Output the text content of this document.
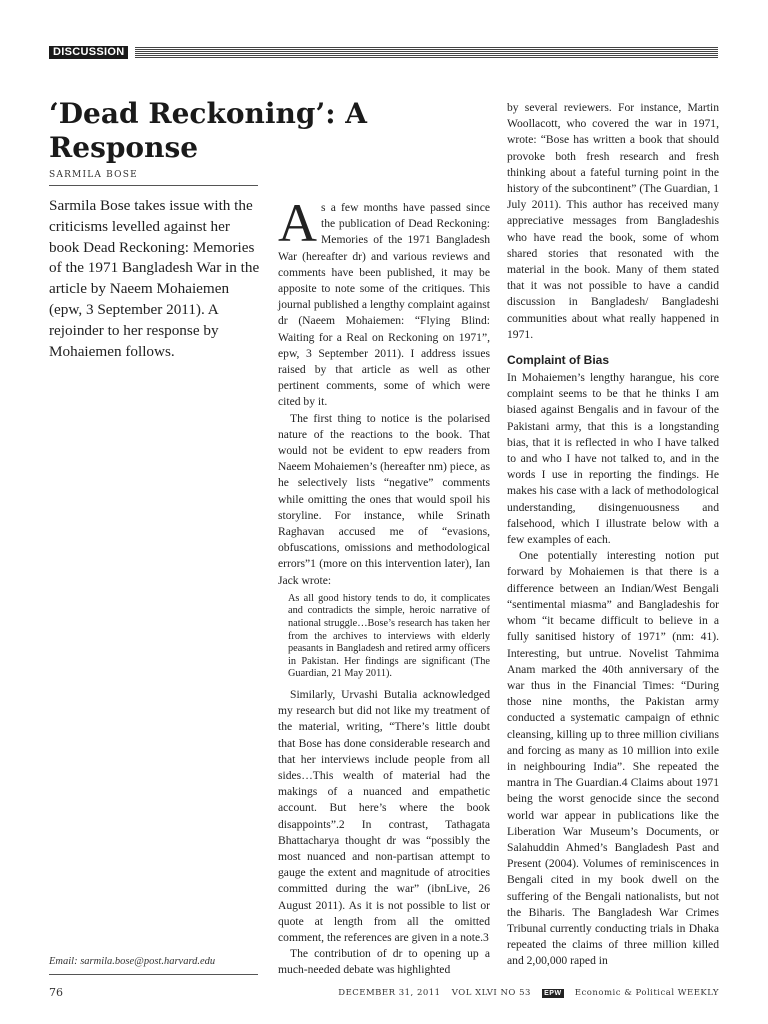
DISCUSSION
‘Dead Reckoning’: A Response
SARMILA BOSE
Sarmila Bose takes issue with the criticisms levelled against her book Dead Reckoning: Memories of the 1971 Bangladesh War in the article by Naeem Mohaiemen (epw, 3 September 2011). A rejoinder to her response by Mohaiemen follows.

As a few months have passed since the publication of Dead Reckoning: Memories of the 1971 Bangladesh War (hereafter dr) and various reviews and comments have been published, it may be apposite to note some of the critiques. This journal published a lengthy complaint against dr (Naeem Mohaiemen: “Flying Blind: Waiting for a Real on Reckoning on 1971”, epw, 3 September 2011). I address issues raised by that article as well as other pertinent comments, some of which were cited by it.

The first thing to notice is the polarised nature of the reactions to the book. That would not be evident to epw readers from Naeem Mohaiemen’s (hereafter nm) piece, as he selectively lists “negative” comments while omitting the ones that would spoil his storyline. For instance, while Srinath Raghavan accused me of “evasions, obfuscations, omissions and methodological errors”1 (more on this intervention later), Ian Jack wrote:

As all good history tends to do, it complicates and contradicts the simple, heroic narrative of national struggle…Bose’s research has taken her from the archives to interviews with elderly peasants in Bangladesh and retired army officers in Pakistan. Her findings are significant (The Guardian, 21 May 2011).

Similarly, Urvashi Butalia acknowledged my research but did not like my treatment of the material, writing, “There’s little doubt that Bose has done considerable research and that her interviews include people from all sides…This wealth of material had the makings of a nuanced and empathetic account. But here’s where the book disappoints”.2 In contrast, Tathagata Bhattacharya thought dr was “possibly the most nuanced and non-partisan attempt to gauge the extent and magnitude of atrocities committed during the war” (ibnLive, 26 August 2011). As it is not possible to list or quote at length from all the omitted comment, the references are given in a note.3

The contribution of dr to opening up a much-needed debate was highlighted

by several reviewers. For instance, Martin Woollacott, who covered the war in 1971, wrote: “Bose has written a book that should provoke both fresh research and fresh thinking about a fateful turning point in the history of the subcontinent” (The Guardian, 1 July 2011). This author has received many appreciative messages from Bangladeshis who have read the book, some of whom shared stories that resonated with the material in the book. Many of them stated that it was not possible to have a candid discussion in Bangladesh/ Bangladeshi communities about what really happened in 1971.

Complaint of Bias

In Mohaiemen’s lengthy harangue, his core complaint seems to be that he thinks I am biased against Bengalis and in favour of the Pakistani army, that this is a longstanding bias, that it is reflected in who I have talked to and who I have not talked to, and in the words I use in reporting the findings. He makes his case with a lack of methodological understanding, disingenuousness and falsehood, which I illustrate below with a few examples of each.

One potentially interesting notion put forward by Mohaiemen is that there is a difference between an Indian/West Bengali “sentimental miasma” and Bangladeshis for whom “it became difficult to believe in a fully sanitised history of 1971” (nm: 41). Interesting, but untrue. Novelist Tahmima Anam marked the 40th anniversary of the war thus in the Financial Times: “During those nine months, the Pakistan army conducted a systematic campaign of ethnic cleansing, killing up to three million civilians and forcing as many as 10 million into exile in neighbouring India”. She repeated the mantra in The Guardian.4 Claims about 1971 being the worst genocide since the second world war appear in publications like the Liberation War Museum’s Documents, or Salahuddin Ahmed’s Bangladesh Past and Present (2004). Volumes of reminiscences in Bengali cited in my book dwell on the suffering of the Bengali nationalists, but not the Biharis. The Bangladesh War Crimes Tribunal currently conducting trials in Dhaka repeated the claims of three million killed and 2,00,000 raped in

Email: sarmila.bose@post.harvard.edu
76	DECEMBER 31, 2011 VOL XLVI NO 53 EPW Economic & Political WEEKLY
